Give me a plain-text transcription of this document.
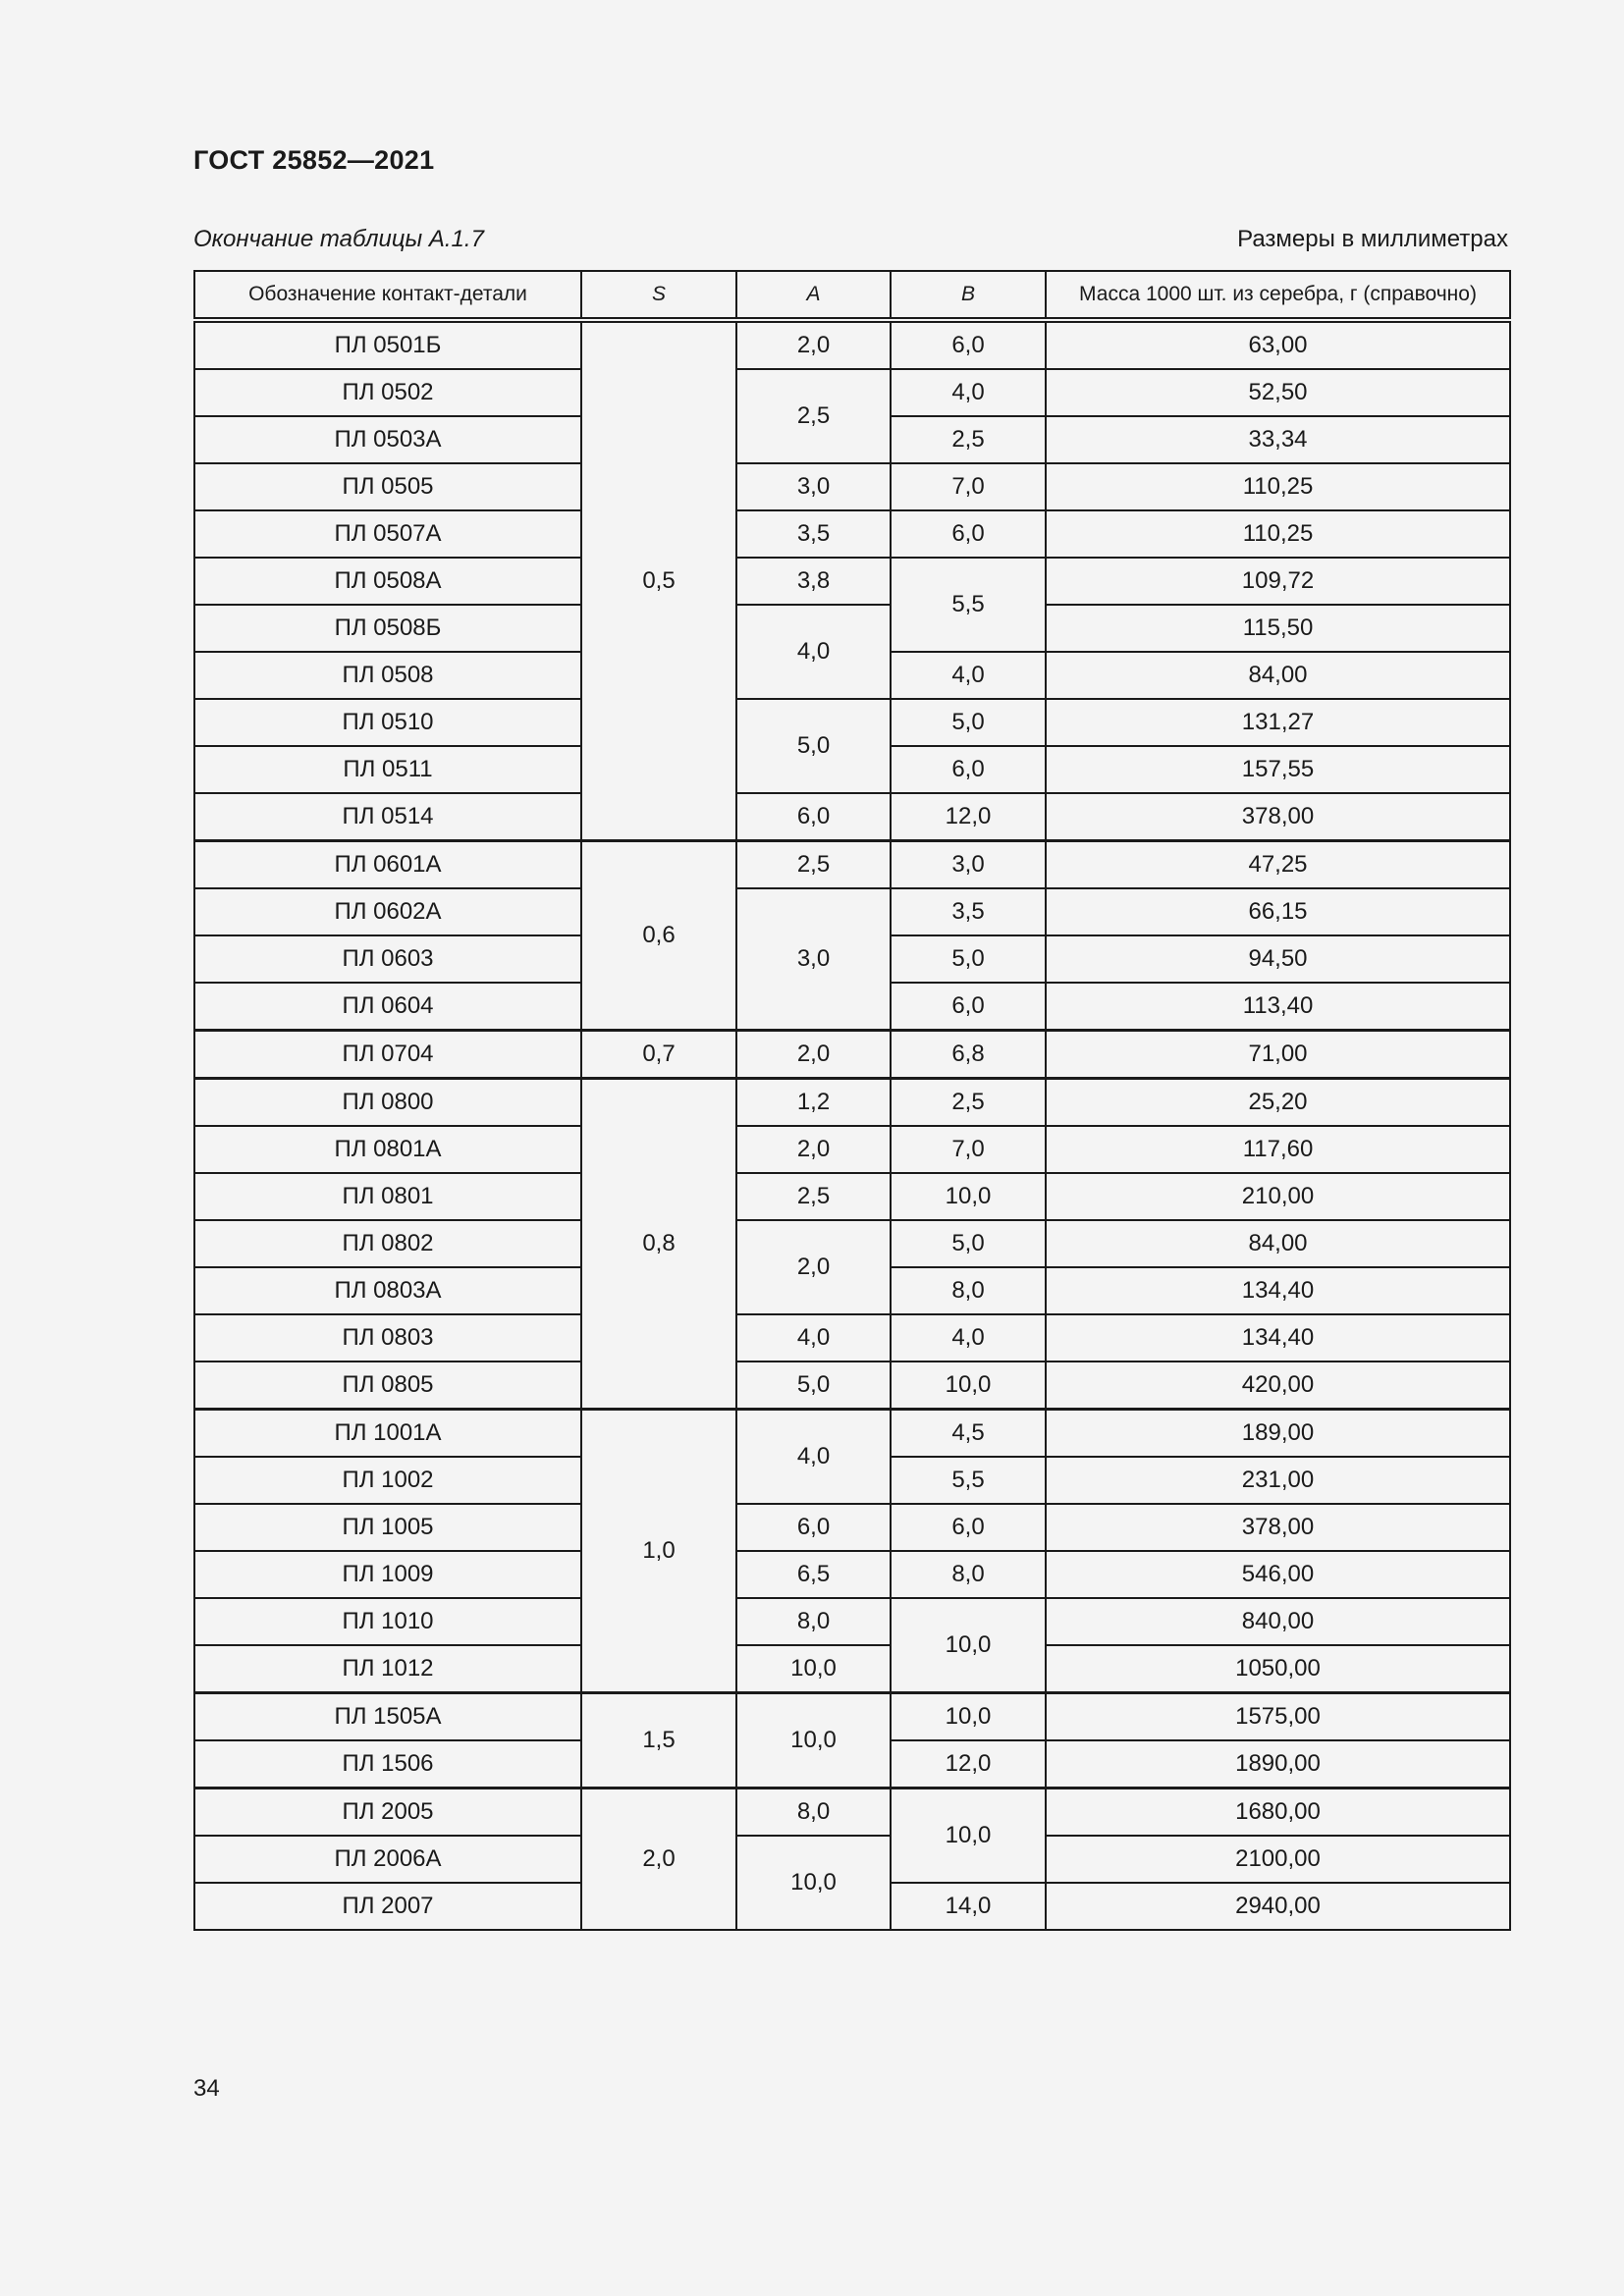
ГОСТ 25852—2021
Окончание таблицы А.1.7	Размеры в миллиметрах
Обозначение контакт-детали	S	A	B	Масса 1000 шт. из серебра, г (справочно)
ПЛ 0501Б	0,5	2,0	6,0	63,00
ПЛ 0502		2,5	4,0	52,50
ПЛ 0503А			2,5	33,34
ПЛ 0505		3,0	7,0	110,25
ПЛ 0507А		3,5	6,0	110,25
ПЛ 0508А		3,8	5,5	109,72
ПЛ 0508Б		4,0		115,50
ПЛ 0508			4,0	84,00
ПЛ 0510		5,0	5,0	131,27
ПЛ 0511			6,0	157,55
ПЛ 0514		6,0	12,0	378,00
ПЛ 0601А	0,6	2,5	3,0	47,25
ПЛ 0602А		3,0	3,5	66,15
ПЛ 0603			5,0	94,50
ПЛ 0604			6,0	113,40
ПЛ 0704	0,7	2,0	6,8	71,00
ПЛ 0800	0,8	1,2	2,5	25,20
ПЛ 0801А		2,0	7,0	117,60
ПЛ 0801		2,5	10,0	210,00
ПЛ 0802		2,0	5,0	84,00
ПЛ 0803А			8,0	134,40
ПЛ 0803		4,0	4,0	134,40
ПЛ 0805		5,0	10,0	420,00
ПЛ 1001А	1,0	4,0	4,5	189,00
ПЛ 1002			5,5	231,00
ПЛ 1005		6,0	6,0	378,00
ПЛ 1009		6,5	8,0	546,00
ПЛ 1010		8,0	10,0	840,00
ПЛ 1012		10,0		1050,00
ПЛ 1505А	1,5	10,0	10,0	1575,00
ПЛ 1506			12,0	1890,00
ПЛ 2005	2,0	8,0	10,0	1680,00
ПЛ 2006А		10,0		2100,00
ПЛ 2007			14,0	2940,00
34
